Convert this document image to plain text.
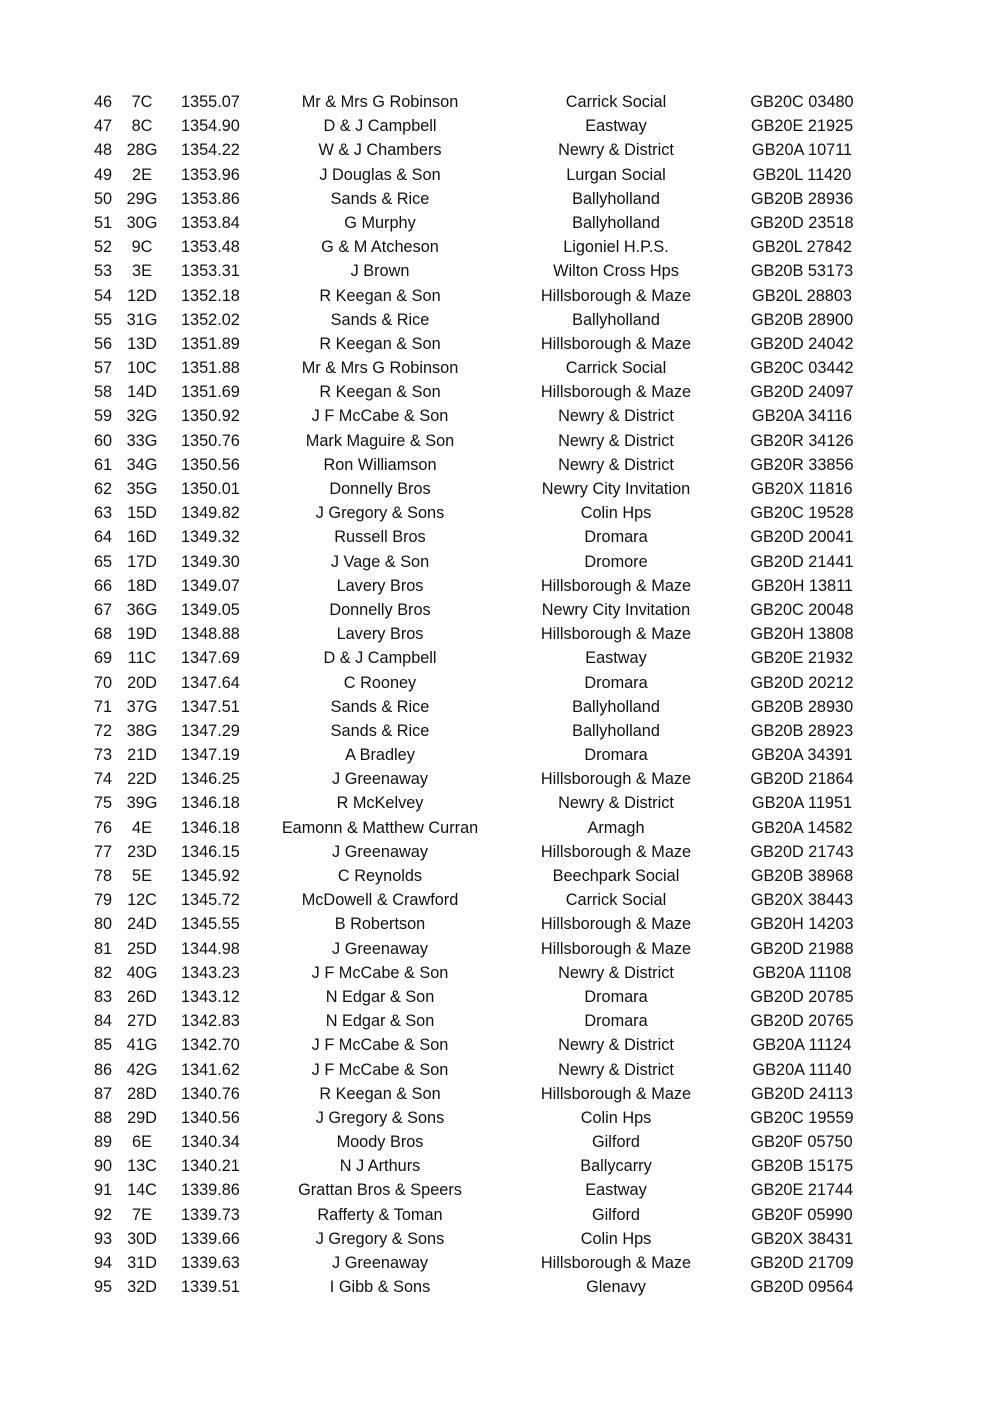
46	7C	1355.07	Mr & Mrs G Robinson	Carrick Social	GB20C 03480
47	8C	1354.90	D & J Campbell	Eastway	GB20E 21925
48 28G 1354.22	W & J Chambers	Newry & District	GB20A 10711
49	2E	1353.96	J Douglas & Son	Lurgan Social	GB20L 11420
50 29G 1353.86	Sands & Rice	Ballyholland	GB20B 28936
51 30G 1353.84	G Murphy	Ballyholland	GB20D 23518
52	9C	1353.48	G & M Atcheson	Ligoniel H.P.S.	GB20L 27842
53	3E	1353.31	J Brown	Wilton Cross Hps	GB20B 53173
54 12D 1352.18	R Keegan & Son	Hillsborough & Maze	GB20L 28803
55 31G 1352.02	Sands & Rice	Ballyholland	GB20B 28900
56 13D 1351.89	R Keegan & Son	Hillsborough & Maze	GB20D 24042
57 10C 1351.88	Mr & Mrs G Robinson	Carrick Social	GB20C 03442
58 14D 1351.69	R Keegan & Son	Hillsborough & Maze	GB20D 24097
59 32G 1350.92	J F McCabe & Son	Newry & District	GB20A 34116
60 33G 1350.76	Mark Maguire & Son	Newry & District	GB20R 34126
61 34G 1350.56	Ron Williamson	Newry & District	GB20R 33856
62 35G 1350.01	Donnelly Bros	Newry City Invitation	GB20X 11816
63 15D 1349.82	J Gregory & Sons	Colin Hps	GB20C 19528
64 16D 1349.32	Russell Bros	Dromara	GB20D 20041
65 17D 1349.30	J Vage & Son	Dromore	GB20D 21441
66 18D 1349.07	Lavery Bros	Hillsborough & Maze	GB20H 13811
67 36G 1349.05	Donnelly Bros	Newry City Invitation	GB20C 20048
68 19D 1348.88	Lavery Bros	Hillsborough & Maze	GB20H 13808
69 11C 1347.69	D & J Campbell	Eastway	GB20E 21932
70 20D 1347.64	C Rooney	Dromara	GB20D 20212
71 37G 1347.51	Sands & Rice	Ballyholland	GB20B 28930
72 38G 1347.29	Sands & Rice	Ballyholland	GB20B 28923
73 21D 1347.19	A Bradley	Dromara	GB20A 34391
74 22D 1346.25	J Greenaway	Hillsborough & Maze	GB20D 21864
75 39G 1346.18	R McKelvey	Newry & District	GB20A 11951
76	4E	1346.18	Eamonn & Matthew Curran	Armagh	GB20A 14582
77 23D 1346.15	J Greenaway	Hillsborough & Maze	GB20D 21743
78	5E	1345.92	C Reynolds	Beechpark Social	GB20B 38968
79 12C 1345.72	McDowell & Crawford	Carrick Social	GB20X 38443
80 24D 1345.55	B Robertson	Hillsborough & Maze	GB20H 14203
81 25D 1344.98	J Greenaway	Hillsborough & Maze	GB20D 21988
82 40G 1343.23	J F McCabe & Son	Newry & District	GB20A 11108
83 26D 1343.12	N Edgar & Son	Dromara	GB20D 20785
84 27D 1342.83	N Edgar & Son	Dromara	GB20D 20765
85 41G 1342.70	J F McCabe & Son	Newry & District	GB20A 11124
86 42G 1341.62	J F McCabe & Son	Newry & District	GB20A 11140
87 28D 1340.76	R Keegan & Son	Hillsborough & Maze	GB20D 24113
88 29D 1340.56	J Gregory & Sons	Colin Hps	GB20C 19559
89	6E	1340.34	Moody Bros	Gilford	GB20F 05750
90 13C 1340.21	N J Arthurs	Ballycarry	GB20B 15175
91 14C 1339.86	Grattan Bros & Speers	Eastway	GB20E 21744
92	7E	1339.73	Rafferty & Toman	Gilford	GB20F 05990
93 30D 1339.66	J Gregory & Sons	Colin Hps	GB20X 38431
94 31D 1339.63	J Greenaway	Hillsborough & Maze	GB20D 21709
95 32D 1339.51	I Gibb & Sons	Glenavy	GB20D 09564
